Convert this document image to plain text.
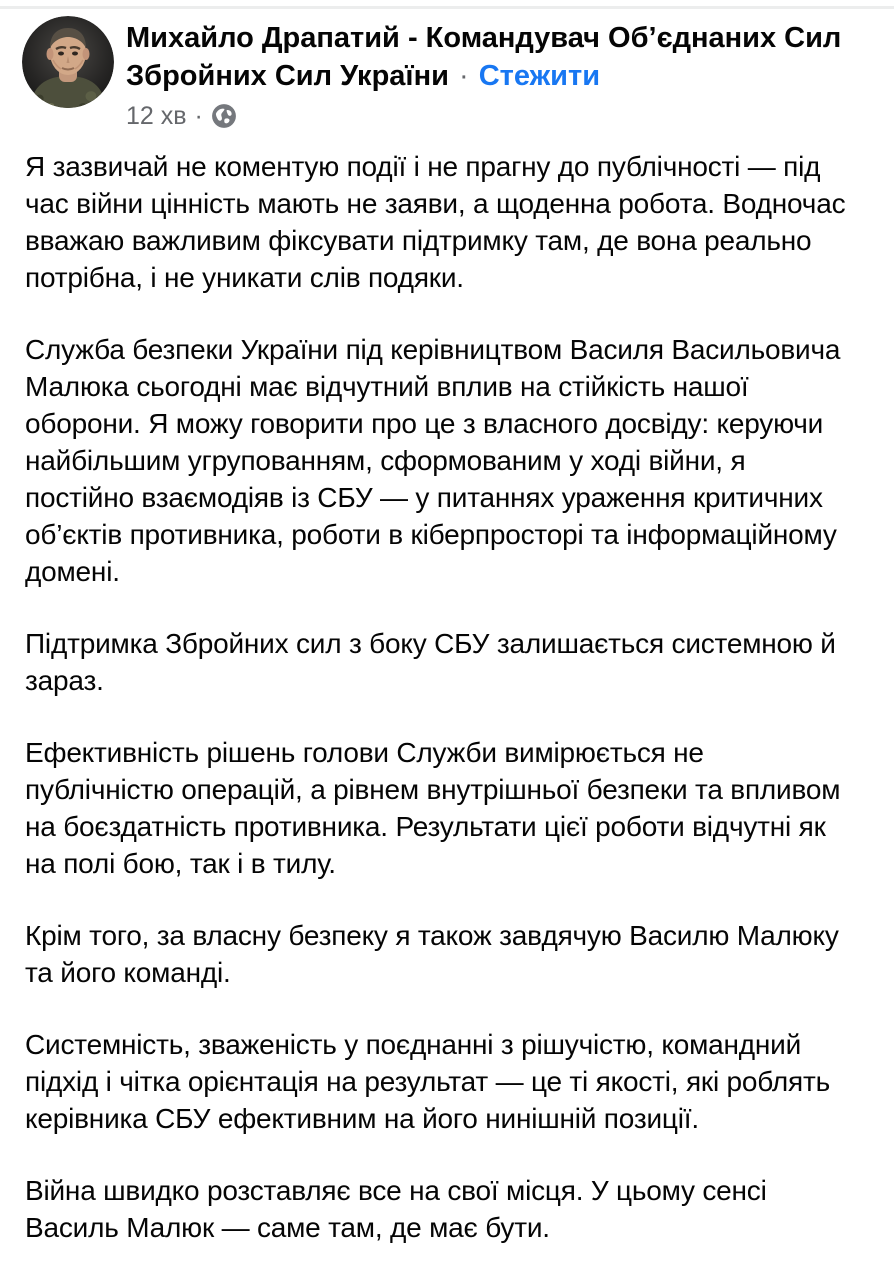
Михайло Драпатий - Командувач Об’єднаних Сил Збройних Сил України · Стежити
12 хв ·

Я зазвичай не коментую події і не прагну до публічності — під час війни цінність мають не заяви, а щоденна робота. Водночас вважаю важливим фіксувати підтримку там, де вона реально потрібна, і не уникати слів подяки.

Служба безпеки України під керівництвом Василя Васильовича Малюка сьогодні має відчутний вплив на стійкість нашої оборони. Я можу говорити про це з власного досвіду: керуючи найбільшим угрупованням, сформованим у ході війни, я постійно взаємодіяв із СБУ — у питаннях ураження критичних об’єктів противника, роботи в кіберпросторі та інформаційному домені.

Підтримка Збройних сил з боку СБУ залишається системною й зараз.

Ефективність рішень голови Служби вимірюється не публічністю операцій, а рівнем внутрішньої безпеки та впливом на боєздатність противника. Результати цієї роботи відчутні як на полі бою, так і в тилу.

Крім того, за власну безпеку я також завдячую Василю Малюку та його команді.

Системність, зваженість у поєднанні з рішучістю, командний підхід і чітка орієнтація на результат — це ті якості, які роблять керівника СБУ ефективним на його нинішній позиції.

Війна швидко розставляє все на свої місця. У цьому сенсі Василь Малюк — саме там, де має бути.
